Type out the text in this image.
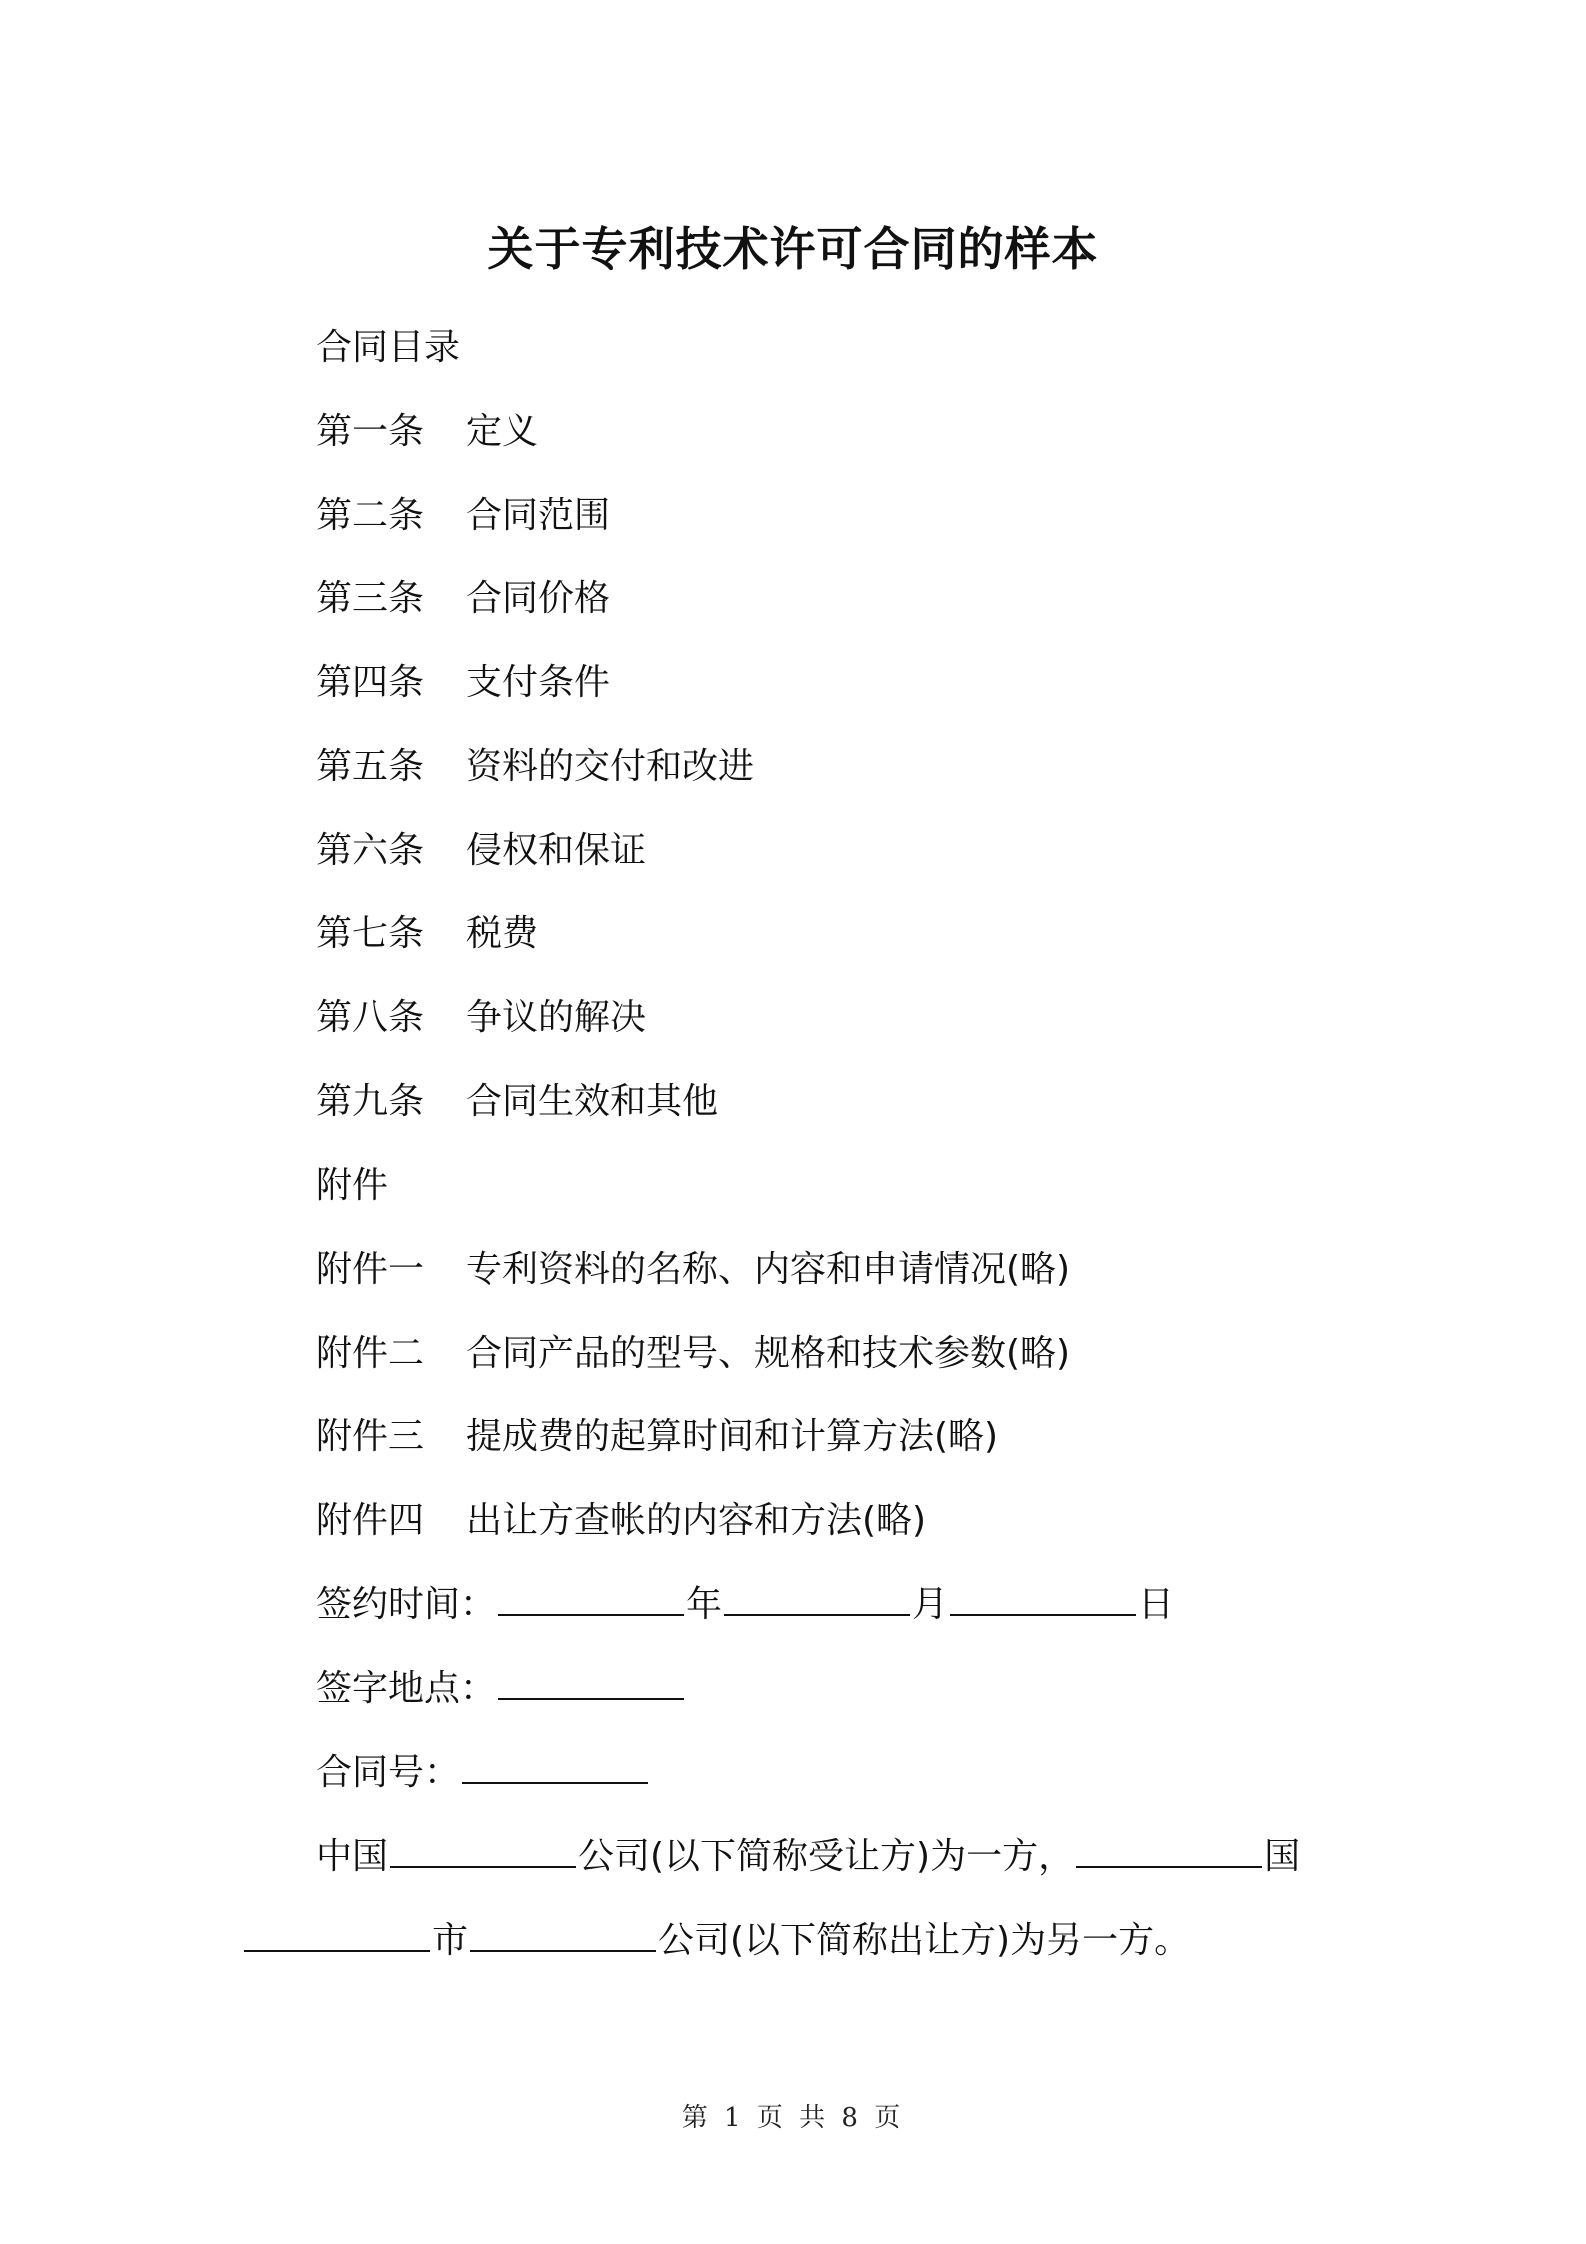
关于专利技术许可合同的样本
合同目录
第一条 定义
第二条 合同范围
第三条 合同价格
第四条 支付条件
第五条 资料的交付和改进
第六条 侵权和保证
第七条 税费
第八条 争议的解决
第九条 合同生效和其他
附件
附件一 专利资料的名称、内容和申请情况(略)
附件二 合同产品的型号、规格和技术参数(略)
附件三 提成费的起算时间和计算方法(略)
附件四 出让方查帐的内容和方法(略)
签约时间：	年	月	日
签字地点：
合同号：
中国	公司(以下简称受让方)为一方，	国
市	公司(以下简称出让方)为另一方。
第 1 页 共 8 页
